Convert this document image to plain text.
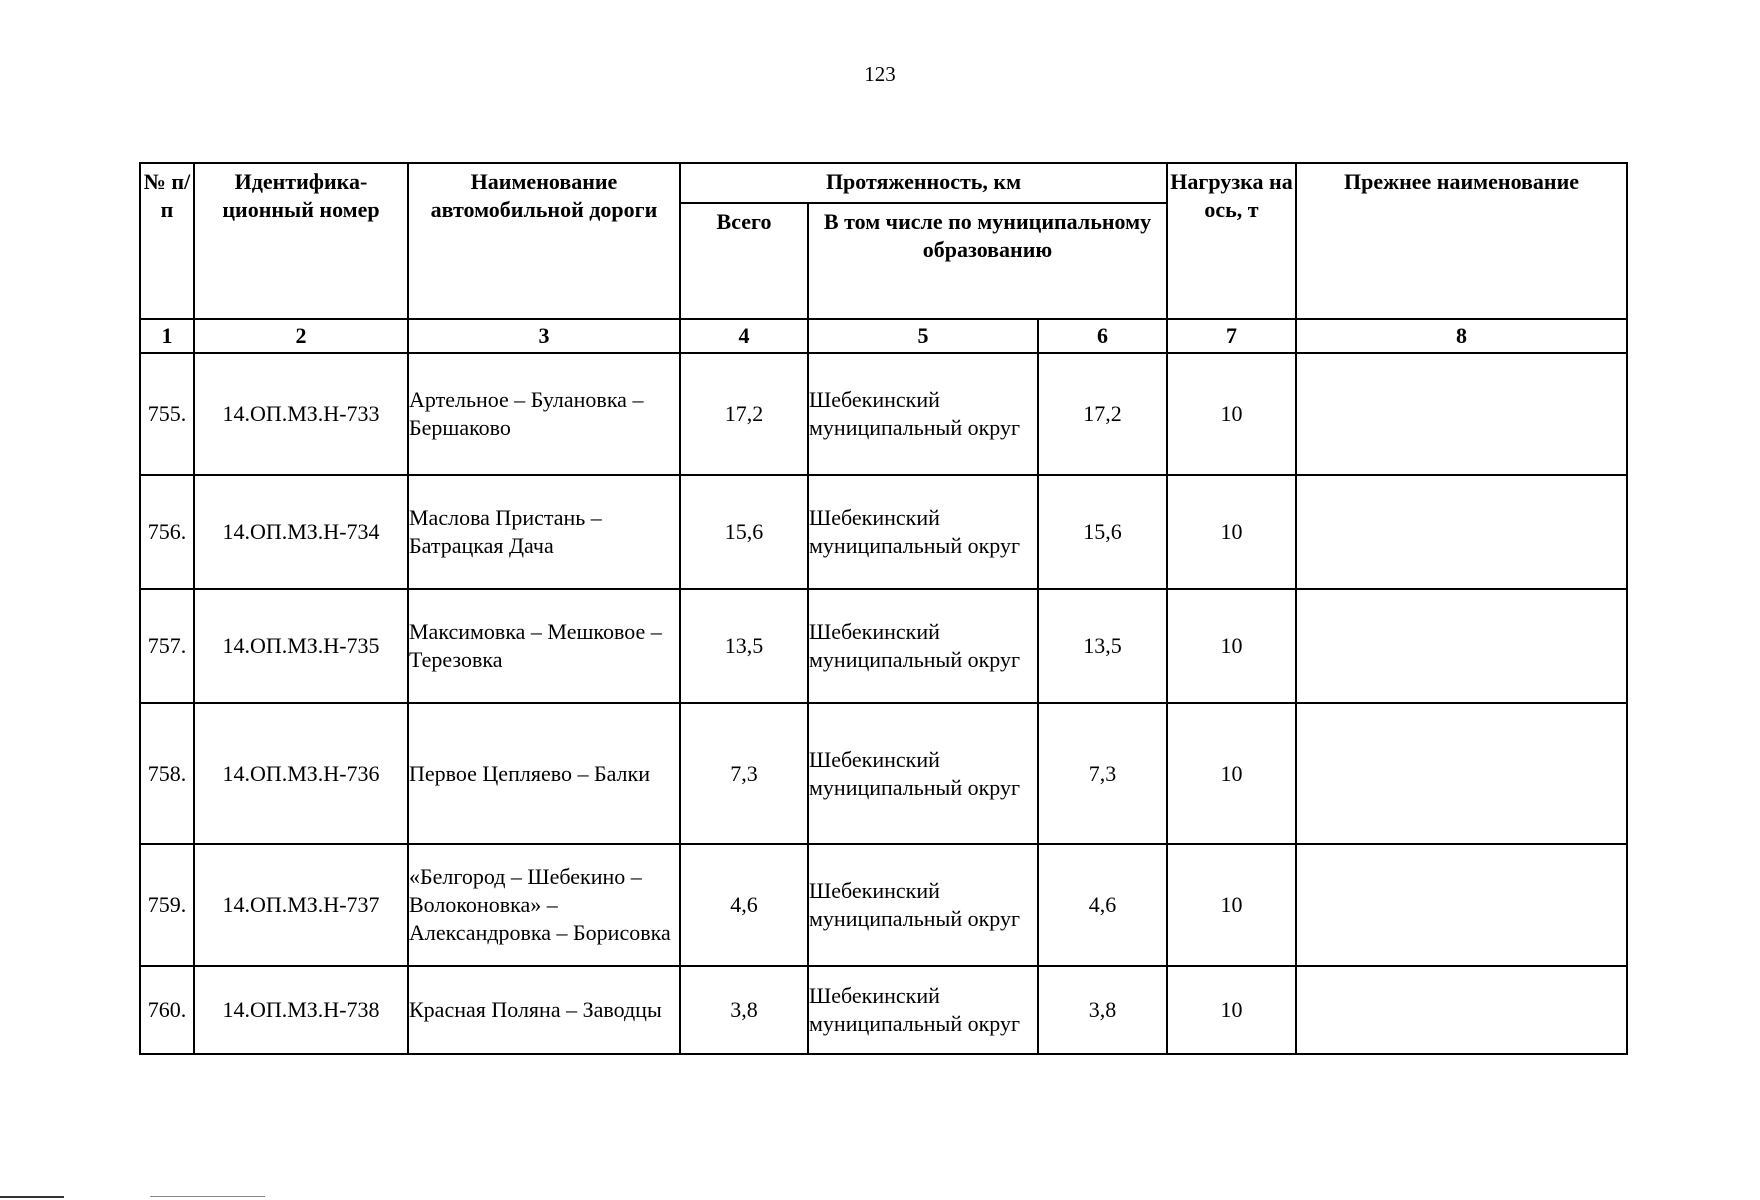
123
№ п/п	Идентифика-ционный номер	Наименование автомобильной дороги	Протяженность, км			Нагрузка на ось, т	Прежнее наименование
			Всего	В том числе по муниципальному образованию			
1	2	3	4	5	6	7	8
755.	14.ОП.МЗ.Н-733	Артельное – Булановка – Бершаково	17,2	Шебекинский муниципальный округ	17,2	10	
756.	14.ОП.МЗ.Н-734	Маслова Пристань – Батрацкая Дача	15,6	Шебекинский муниципальный округ	15,6	10	
757.	14.ОП.МЗ.Н-735	Максимовка – Мешковое – Терезовка	13,5	Шебекинский муниципальный округ	13,5	10	
758.	14.ОП.МЗ.Н-736	Первое Цепляево – Балки	7,3	Шебекинский муниципальный округ	7,3	10	
759.	14.ОП.МЗ.Н-737	«Белгород – Шебекино – Волоконовка» – Александровка – Борисовка	4,6	Шебекинский муниципальный округ	4,6	10	
760.	14.ОП.МЗ.Н-738	Красная Поляна – Заводцы	3,8	Шебекинский муниципальный округ	3,8	10	
